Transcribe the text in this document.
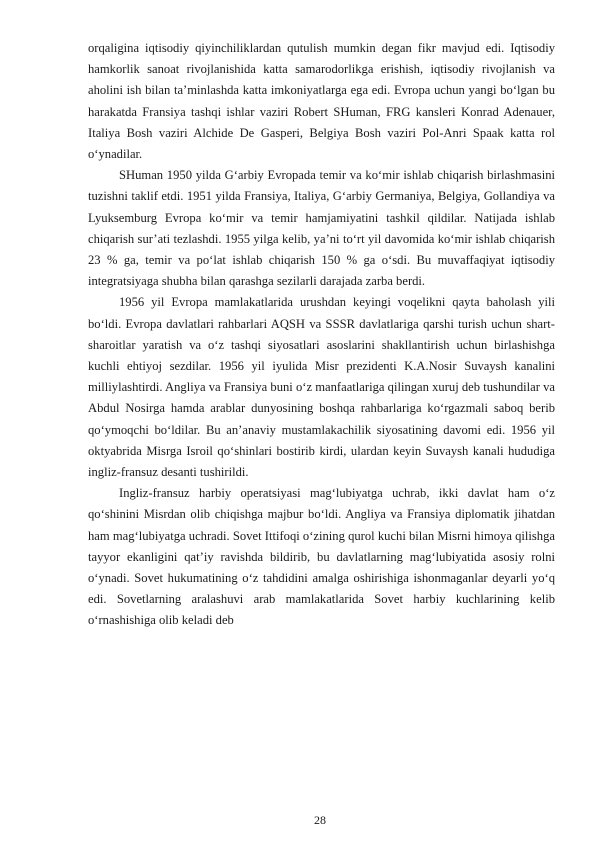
orqaligina iqtisodiy qiyinchiliklardan qutulish mumkin degan fikr mavjud edi. Iqtisodiy hamkorlik sanoat rivojlanishida katta samarodorlikga erishish, iqtisodiy rivojlanish va aholini ish bilan ta’minlashda katta imkoniyatlarga ega edi. Evropa uchun yangi bo‘lgan bu harakatda Fransiya tashqi ishlar vaziri Robert SHuman, FRG kansleri Konrad Adenauer, Italiya Bosh vaziri Alchide De Gasperi, Belgiya Bosh vaziri Pol-Anri Spaak katta rol o‘ynadilar.

SHuman 1950 yilda G‘arbiy Evropada temir va ko‘mir ishlab chiqarish birlashmasini tuzishni taklif etdi. 1951 yilda Fransiya, Italiya, G‘arbiy Germaniya, Belgiya, Gollandiya va Lyuksemburg Evropa ko‘mir va temir hamjamiyatini tashkil qildilar. Natijada ishlab chiqarish sur’ati tezlashdi. 1955 yilga kelib, ya’ni to‘rt yil davomida ko‘mir ishlab chiqarish 23 % ga, temir va po‘lat ishlab chiqarish 150 % ga o‘sdi. Bu muvaffaqiyat iqtisodiy integratsiyaga shubha bilan qarashga sezilarli darajada zarba berdi.

1956 yil Evropa mamlakatlarida urushdan keyingi voqelikni qayta baholash yili bo‘ldi. Evropa davlatlari rahbarlari AQSH va SSSR davlatlariga qarshi turish uchun shart-sharoitlar yaratish va o‘z tashqi siyosatlari asoslarini shakllantirish uchun birlashishga kuchli ehtiyoj sezdilar. 1956 yil iyulida Misr prezidenti K.A.Nosir Suvaysh kanalini milliylashtirdi. Angliya va Fransiya buni o‘z manfaatlariga qilingan xuruj deb tushundilar va Abdul Nosirga hamda arablar dunyosining boshqa rahbarlariga ko‘rgazmali saboq berib qo‘ymoqchi bo‘ldilar. Bu an’anaviy mustamlakachilik siyosatining davomi edi. 1956 yil oktyabrida Misrga Isroil qo‘shinlari bostirib kirdi, ulardan keyin Suvaysh kanali hududiga ingliz-fransuz desanti tushirildi.

Ingliz-fransuz harbiy operatsiyasi mag‘lubiyatga uchrab, ikki davlat ham o‘z qo‘shinini Misrdan olib chiqishga majbur bo‘ldi. Angliya va Fransiya diplomatik jihatdan ham mag‘lubiyatga uchradi. Sovet Ittifoqi o‘zining qurol kuchi bilan Misrni himoya qilishga tayyor ekanligini qat’iy ravishda bildirib, bu davlatlarning mag‘lubiyatida asosiy rolni o‘ynadi. Sovet hukumatining o‘z tahdidini amalga oshirishiga ishonmaganlar deyarli yo‘q edi. Sovetlarning aralashuvi arab mamlakatlarida Sovet harbiy kuchlarining kelib o‘rnashishiga olib keladi deb

28
